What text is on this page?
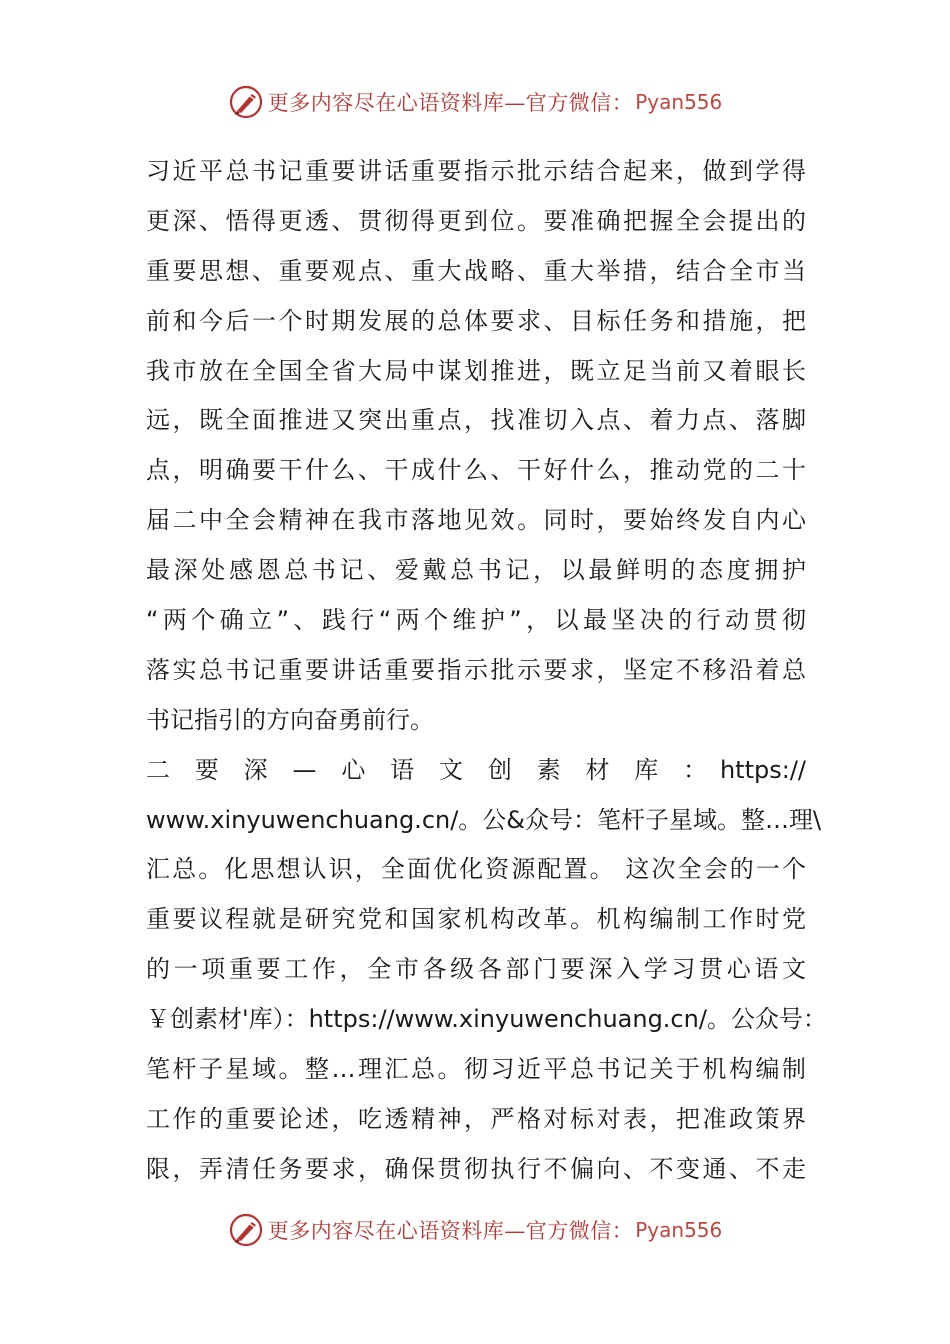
更多内容尽在心语资料库—官方微信： Pyan556
习近平总书记重要讲话重要指示批示结合起来，做到学得
更深、悟得更透、贯彻得更到位。要准确把握全会提出的
重要思想、重要观点、重大战略、重大举措，结合全市当
前和今后一个时期发展的总体要求、目标任务和措施，把
我市放在全国全省大局中谋划推进，既立足当前又着眼长
远，既全面推进又突出重点，找准切入点、着力点、落脚
点，明确要干什么、干成什么、干好什么，推动党的二十
届二中全会精神在我市落地见效。同时，要始终发自内心
最深处感恩总书记、爱戴总书记，以最鲜明的态度拥护
“两个确立”、践行“两个维护”，以最坚决的行动贯彻
落实总书记重要讲话重要指示批示要求，坚定不移沿着总
书记指引的方向奋勇前行。
二　要　深　—　心　语　文　创　素　材　库　：　https://
www.xinyuwenchuang.cn/。公&众号：笔杆子星域。整…理\
汇总。化思想认识，全面优化资源配置。 这次全会的一个
重要议程就是研究党和国家机构改革。机构编制工作时党
的一项重要工作，全市各级各部门要深入学习贯心语文
￥创素材'库）：https://www.xinyuwenchuang.cn/。公众号：
笔杆子星域。整…理汇总。彻习近平总书记关于机构编制
工作的重要论述，吃透精神，严格对标对表，把准政策界
限，弄清任务要求，确保贯彻执行不偏向、不变通、不走
更多内容尽在心语资料库—官方微信： Pyan556
